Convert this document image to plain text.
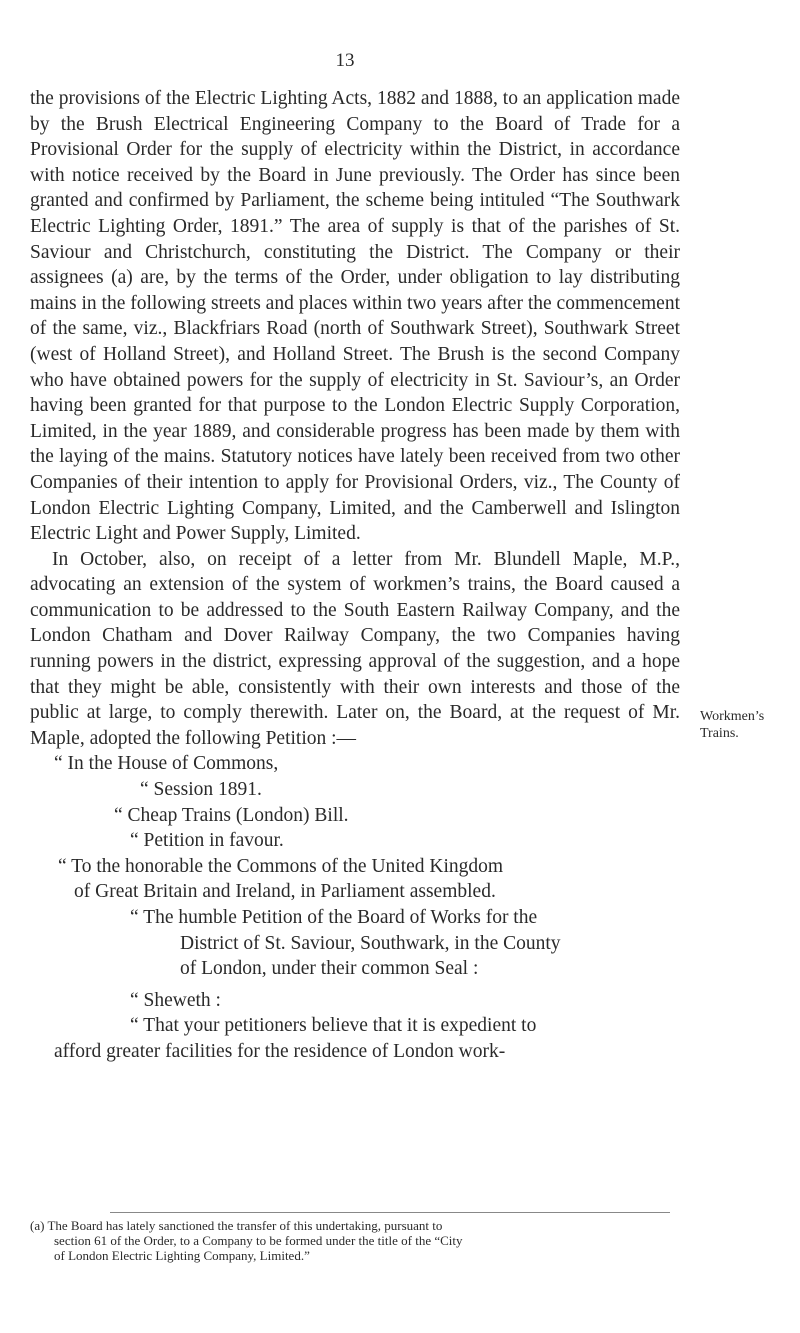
13

the provisions of the Electric Lighting Acts, 1882 and 1888, to an application made by the Brush Electrical Engineering Company to the Board of Trade for a Provisional Order for the supply of electricity within the District, in accordance with notice received by the Board in June previously. The Order has since been granted and confirmed by Parliament, the scheme being intituled “The Southwark Electric Lighting Order, 1891.” The area of supply is that of the parishes of St. Saviour and Christchurch, constituting the District. The Company or their assignees (a) are, by the terms of the Order, under obligation to lay distributing mains in the following streets and places within two years after the commencement of the same, viz., Blackfriars Road (north of Southwark Street), Southwark Street (west of Holland Street), and Holland Street. The Brush is the second Company who have obtained powers for the supply of electricity in St. Saviour’s, an Order having been granted for that purpose to the London Electric Supply Corporation, Limited, in the year 1889, and considerable progress has been made by them with the laying of the mains. Statutory notices have lately been received from two other Companies of their intention to apply for Provisional Orders, viz., The County of London Electric Lighting Company, Limited, and the Camberwell and Islington Electric Light and Power Supply, Limited.

In October, also, on receipt of a letter from Mr. Blundell Maple, M.P., advocating an extension of the system of workmen’s trains, the Board caused a communication to be addressed to the South Eastern Railway Company, and the London Chatham and Dover Railway Company, the two Companies having running powers in the district, expressing approval of the suggestion, and a hope that they might be able, consistently with their own interests and those of the public at large, to comply therewith. Later on, the Board, at the request of Mr. Maple, adopted the following Petition :—

“ In the House of Commons,
“ Session 1891.
“ Cheap Trains (London) Bill.
“ Petition in favour.
“ To the honorable the Commons of the United Kingdom
of Great Britain and Ireland, in Parliament assembled.
“ The humble Petition of the Board of Works for the
District of St. Saviour, Southwark, in the County
of London, under their common Seal :
“ Sheweth :
“ That your petitioners believe that it is expedient to
afford greater facilities for the residence of London work-
Workmen’s
Trains.
(a) The Board has lately sanctioned the transfer of this undertaking, pursuant to
section 61 of the Order, to a Company to be formed under the title of the “City
of London Electric Lighting Company, Limited.”
